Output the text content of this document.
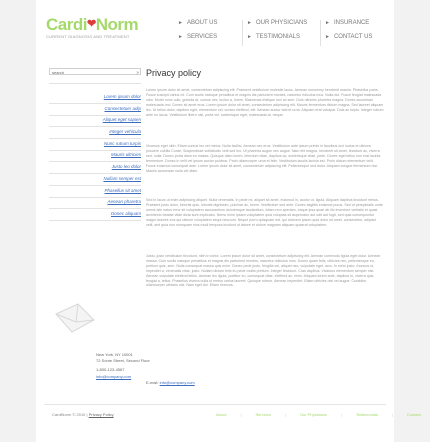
Cardi❤Norm
CURRENT DIAGNOSIS AND TREATMENT
► ABOUT US
► SERVICES
► OUR PHYSICIANS
► TESTIMONIALS
► INSURANCE
► CONTACT US
search	»
Lorem ipsum dolor
Consectetuer adip
Aliquet eget sapien
Integer vehicula
Nunc rutrum turpis
Mauris ultricies
Justo leo dolor
Nullam semper est
Phasellus sit amet
Aenean pharetra
Donec aliquam
New York, NY 10001
72 Some Street, Second Floor
1-800-123-4567
info@company.com
Privacy policy
Lorem ipsum dolor sit amet, consectetuer adipiscing elit. Praesent vestibulum molestie lacus. Aenean nonummy hendrerit mauris. Phasellus porta. Fusce suscipit varius mi. Cum sociis natoque penatibus et magnis dis parturient montes, nascetur ridiculus mus. Nulla dui. Fusce feugiat malesuada odio. Morbi nunc odio, gravida at, cursus nec, luctus a, lorem. Maecenas tristique orci ac sem. Duis ultricies pharetra magna. Donec accumsan malesuada orci. Donec sit amet eros. Lorem ipsum dolor sit amet, consectetuer adipiscing elit. Mauris fermentum dictum magna. Sed laoreet aliquam leo. Ut tellus dolor, dapibus eget, elementum vel, cursus eleifend, elit. Aenean auctor wisi et urna. Aliquam erat volutpat. Duis ac turpis. Integer rutrum ante eu lacus. Vestibulum libero nisl, porta vel, scelerisque eget, malesuada at, neque.
Vivamus eget nibh. Etiam cursus leo vel metus. Nulla facilisi. Aenean nec eros. Vestibulum ante ipsum primis in faucibus orci luctus et ultrices posuere cubilia Curae; Suspendisse sollicitudin velit sed leo. Ut pharetra augue nec augue. Nam elit magna, hendrerit sit amet, tincidunt ac, viverra sed, nulla. Donec porta diam eu massa. Quisque diam lorem, interdum vitae, dapibus ac, scelerisque vitae, pede. Donec eget tellus non erat lacinia fermentum. Donec in velit vel ipsum auctor pulvinar. Proin ullamcorper urna et felis. Vestibulum iaculis lacinia est. Proin dictum elementum velit. Fusce euismod consequat ante. Lorem ipsum dolor sit amet, consectetuer adipiscing elit. Pellentesque sed dolor. Aliquam congue fermentum nisl. Mauris accumsan nulla vel diam.
Sed in lacus ut enim adipiscing aliquet. Nulla venenatis. In pede mi, aliquet sit amet, euismod in, auctor ut, ligula. Aliquam dapibus tincidunt metus. Praesent justo dolor, lobortis quis, lobortis dignissim, pulvinar ac, lorem. Vestibulum sed ante. Donec sagittis euismod purus. Sed ut perspiciatis unde omnis iste natus error sit voluptatem accusantium doloremque laudantium, totam rem aperiam, eaque ipsa quae ab illo inventore veritatis et quasi architecto beatae vitae dicta sunt explicabo. Nemo enim ipsam voluptatem quia voluptas sit aspernatur aut odit aut fugit, sed quia consequuntur magni dolores eos qui ratione voluptatem sequi nesciunt. Neque porro quisquam est, qui dolorem ipsum quia dolor sit amet, consectetur, adipisci velit, sed quia non numquam eius modi tempora incidunt ut labore et dolore magnam aliquam quaerat voluptatem.
Justo, justo vestibulum tincidunt, nibh in tortor. Lorem ipsum dolor sit amet, consectetuer adipiscing elit. Aenean commodo ligula eget dolor. Aenean massa. Cum sociis natoque penatibus et magnis dis parturient montes, nascetur ridiculus mus. Donec quam felis, ultricies nec, pellentesque eu, pretium quis, sem. Nulla consequat massa quis enim. Donec pede justo, fringilla vel, aliquet nec, vulputate eget, arcu. In enim justo, rhoncus ut, imperdiet a, venenatis vitae, justo. Nullam dictum felis eu pede mollis pretium. Integer tincidunt. Cras dapibus. Vivamus elementum semper nisi. Aenean vulputate eleifend tellus. Aenean leo ligula, porttitor eu, consequat vitae, eleifend ac, enim. Aliquam lorem ante, dapibus in, viverra quis, feugiat a, tellus. Phasellus viverra nulla ut metus varius laoreet. Quisque rutrum. Aenean imperdiet. Etiam ultricies nisi vel augue. Curabitur ullamcorper ultricies nisi. Nam eget dui. Etiam rhoncus.
E-mail: info@company.com
CardiNorm © 2010 | Privacy Policy	About	|	Services	|	Our Physicians	|	Testimonials	|	Contact
